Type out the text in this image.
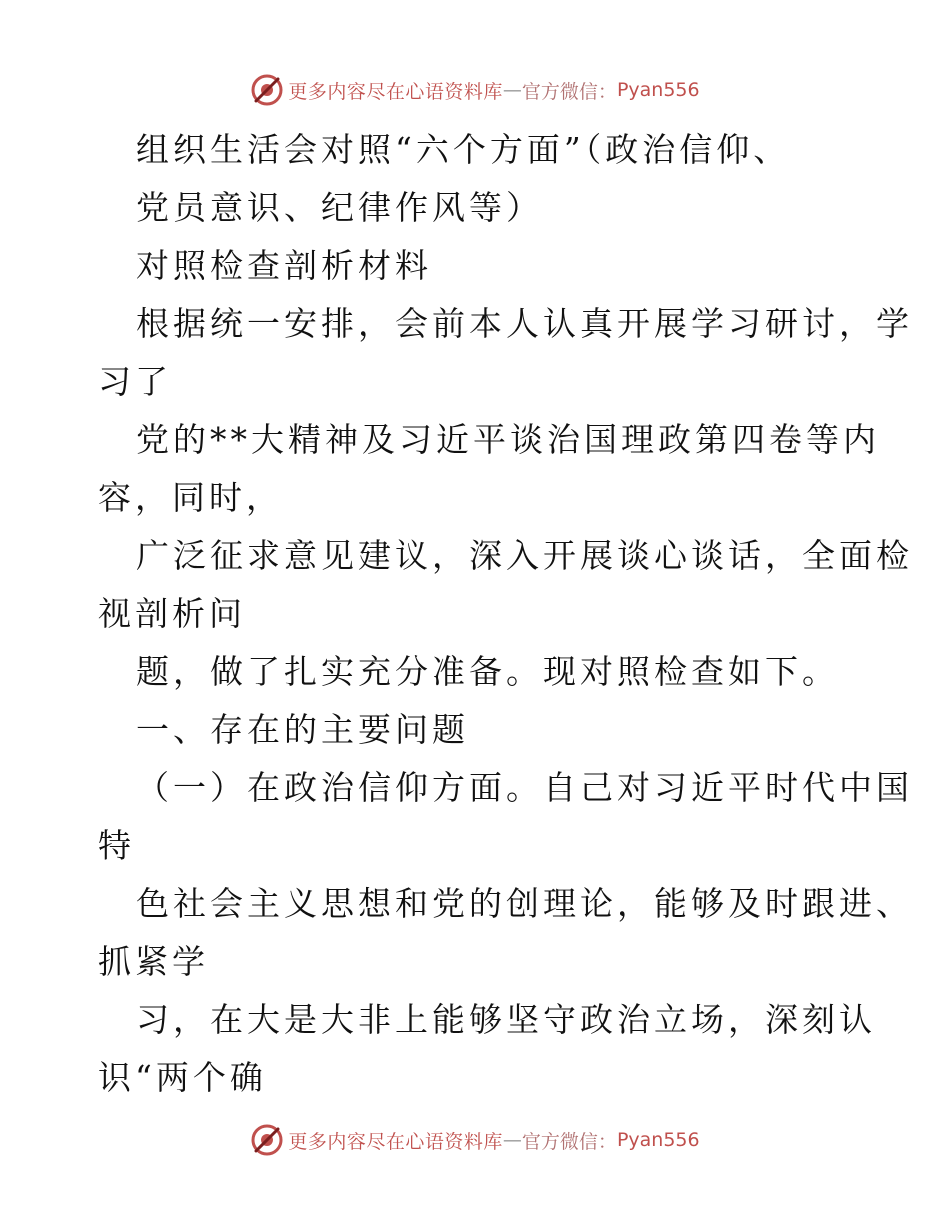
更多内容尽在心语资料库 — 官方微信 ： Pyan556
组织生活会对照“六个方面”（政治信仰、
党员意识、纪律作风等）
对照检查剖析材料
根据统一安排，会前本人认真开展学习研讨，学
习了
党的**大精神及习近平谈治国理政第四卷等内
容，同时，
广泛征求意见建议，深入开展谈心谈话，全面检
视剖析问
题，做了扎实充分准备。现对照检查如下。
一、存在的主要问题
（一）在政治信仰方面。自己对习近平时代中国
特
色社会主义思想和党的创理论，能够及时跟进、
抓紧学
习，在大是大非上能够坚守政治立场，深刻认
识“两个确
更多内容尽在心语资料库 — 官方微信 ： Pyan556
